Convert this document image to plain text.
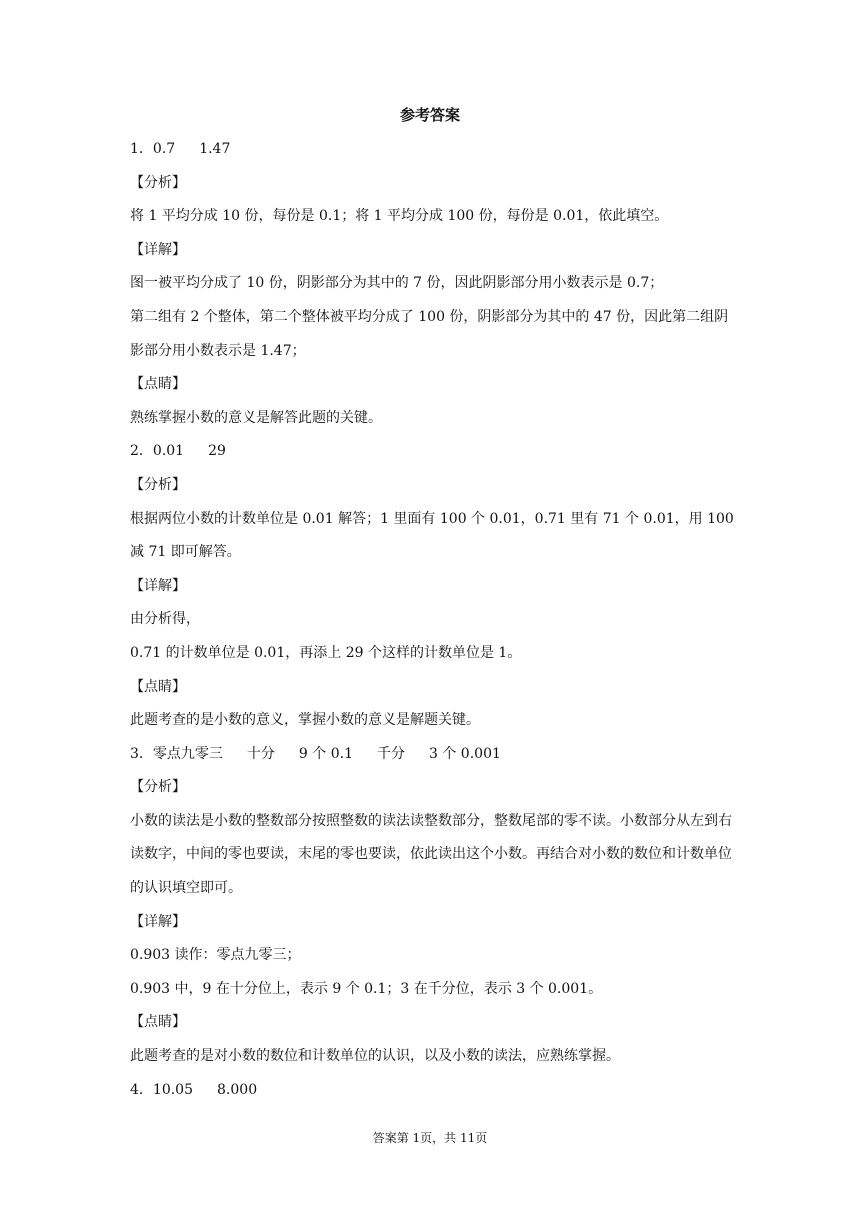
参考答案
1．0.7 1.47
【分析】
将 1 平均分成 10 份，每份是 0.1；将 1 平均分成 100 份，每份是 0.01，依此填空。
【详解】
图一被平均分成了 10 份，阴影部分为其中的 7 份，因此阴影部分用小数表示是 0.7；
第二组有 2 个整体，第二个整体被平均分成了 100 份，阴影部分为其中的 47 份，因此第二组阴影部分用小数表示是 1.47；
【点睛】
熟练掌握小数的意义是解答此题的关键。
2．0.01 29
【分析】
根据两位小数的计数单位是 0.01 解答；1 里面有 100 个 0.01，0.71 里有 71 个 0.01，用 100 减 71 即可解答。
【详解】
由分析得，
0.71 的计数单位是 0.01，再添上 29 个这样的计数单位是 1。
【点睛】
此题考查的是小数的意义，掌握小数的意义是解题关键。
3．零点九零三 十分 9 个 0.1 千分 3 个 0.001
【分析】
小数的读法是小数的整数部分按照整数的读法读整数部分，整数尾部的零不读。小数部分从左到右读数字，中间的零也要读，末尾的零也要读，依此读出这个小数。再结合对小数的数位和计数单位的认识填空即可。
【详解】
0.903 读作：零点九零三；
0.903 中，9 在十分位上，表示 9 个 0.1；3 在千分位，表示 3 个 0.001。
【点睛】
此题考查的是对小数的数位和计数单位的认识，以及小数的读法，应熟练掌握。
4．10.05 8.000
答案第 1页，共 11页
